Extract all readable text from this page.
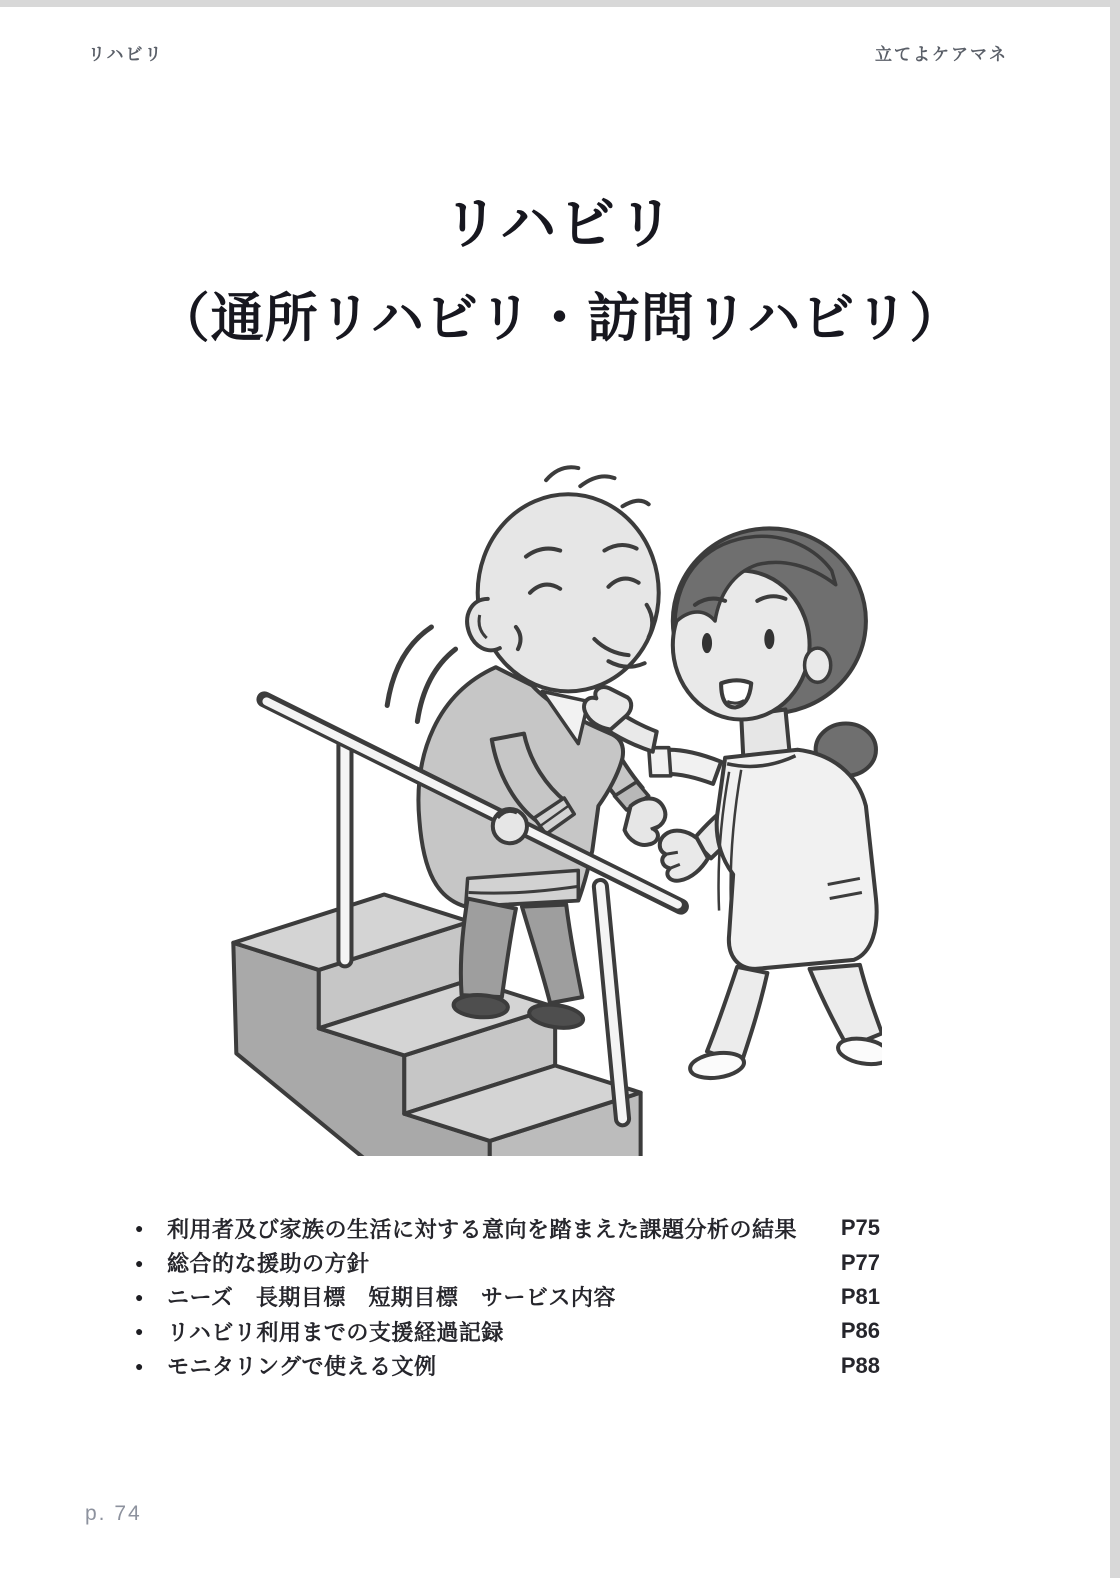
リハビリ	立てよケアマネ
リハビリ
（通所リハビリ・訪問リハビリ）
●	利用者及び家族の生活に対する意向を踏まえた課題分析の結果 P75
●	総合的な援助の方針	P77
●	ニーズ　長期目標　短期目標　サービス内容	P81
●	リハビリ利用までの支援経過記録	P86
●	モニタリングで使える文例	P88
p. 74
